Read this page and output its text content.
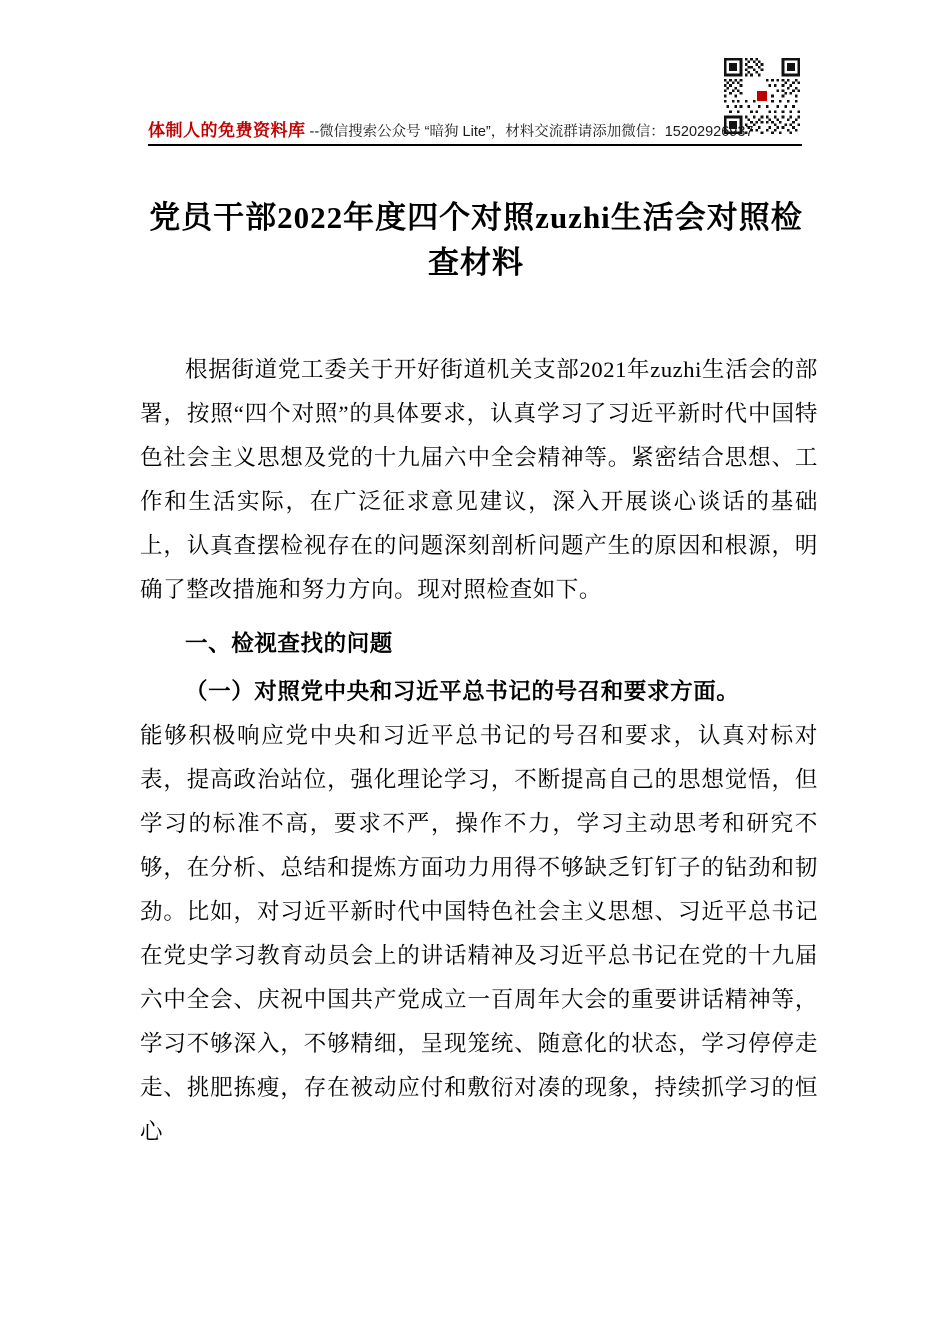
体制人的免费资料库 --微信搜索公众号 “暗狗 Lite”，材料交流群请添加微信：15202926937
党员干部2022年度四个对照zuzhi生活会对照检查材料

根据街道党工委关于开好街道机关支部2021年zuzhi生活会的部署，按照“四个对照”的具体要求，认真学习了习近平新时代中国特色社会主义思想及党的十九届六中全会精神等。紧密结合思想、工作和生活实际，在广泛征求意见建议，深入开展谈心谈话的基础上，认真查摆检视存在的问题深刻剖析问题产生的原因和根源，明确了整改措施和努力方向。现对照检查如下。

一、检视查找的问题

（一）对照党中央和习近平总书记的号召和要求方面。

能够积极响应党中央和习近平总书记的号召和要求，认真对标对表，提高政治站位，强化理论学习，不断提高自己的思想觉悟，但学习的标准不高，要求不严，操作不力，学习主动思考和研究不够，在分析、总结和提炼方面功力用得不够缺乏钉钉子的钻劲和韧劲。比如，对习近平新时代中国特色社会主义思想、习近平总书记在党史学习教育动员会上的讲话精神及习近平总书记在党的十九届六中全会、庆祝中国共产党成立一百周年大会的重要讲话精神等，学习不够深入，不够精细，呈现笼统、随意化的状态，学习停停走走、挑肥拣瘦，存在被动应付和敷衍对凑的现象，持续抓学习的恒心
